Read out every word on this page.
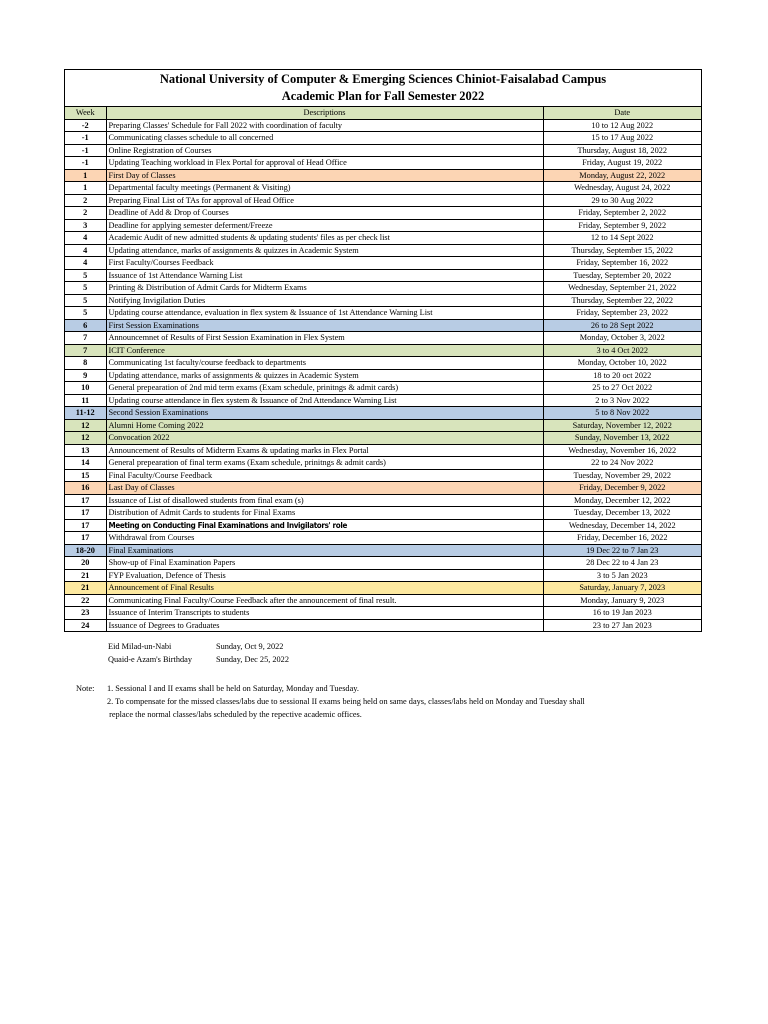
National University of Computer & Emerging Sciences Chiniot-Faisalabad Campus
Academic Plan for Fall Semester 2022
Week	Descriptions	Date
-2	Preparing Classes' Schedule for Fall 2022 with coordination of faculty	10 to 12 Aug 2022
-1	Communicating classes schedule to all concerned	15 to 17 Aug 2022
-1	Online Registration of Courses	Thursday, August 18, 2022
-1	Updating Teaching workload in Flex Portal for approval of Head Office	Friday, August 19, 2022
1	First Day of Classes	Monday, August 22, 2022
1	Departmental faculty meetings (Permanent & Visiting)	Wednesday, August 24, 2022
2	Preparing Final List of TAs for approval of Head Office	29 to 30 Aug 2022
2	Deadline of Add & Drop of Courses	Friday, September 2, 2022
3	Deadline for applying semester deferment/Freeze	Friday, September 9, 2022
4	Academic Audit of new admitted students & updating students' files as per check list	12 to 14 Sept 2022
4	Updating attendance, marks of assignments & quizzes in Academic System	Thursday, September 15, 2022
4	First Faculty/Courses Feedback	Friday, September 16, 2022
5	Issuance of 1st Attendance Warning List	Tuesday, September 20, 2022
5	Printing & Distribution of Admit Cards for Midterm Exams	Wednesday, September 21, 2022
5	Notifying Invigilation Duties	Thursday, September 22, 2022
5	Updating course attendance, evaluation in flex system & Issuance of 1st Attendance Warning List	Friday, September 23, 2022
6	First Session Examinations	26 to 28 Sept 2022
7	Announcemnet of Results of First Session Examination in Flex System	Monday, October 3, 2022
7	ICIT Conference	3 to 4 Oct 2022
8	Communicating 1st faculty/course feedback to departments	Monday, October 10, 2022
9	Updating attendance, marks of assignments & quizzes in Academic System	18 to 20 oct 2022
10	General prepearation of 2nd mid term exams (Exam schedule, prinitngs & admit cards)	25 to 27 Oct 2022
11	Updating course attendance in flex system & Issuance of 2nd Attendance Warning List	2 to 3 Nov 2022
11-12	Second Session Examinations	5 to 8 Nov 2022
12	Alumni Home Coming 2022	Saturday, November 12, 2022
12	Convocation 2022	Sunday, November 13, 2022
13	Announcement of Results of Midterm Exams & updating marks in Flex Portal	Wednesday, November 16, 2022
14	General prepearation of final term exams (Exam schedule, prinitngs & admit cards)	22 to 24 Nov 2022
15	Final Faculty/Course Feedback	Tuesday, November 29, 2022
16	Last Day of Classes	Friday, December 9, 2022
17	Issuance of List of disallowed students from final exam (s)	Monday, December 12, 2022
17	Distribution of Admit Cards to students for Final Exams	Tuesday, December 13, 2022
17	Meeting on Conducting Final Examinations and Invigilators' role	Wednesday, December 14, 2022
17	Withdrawal from Courses	Friday, December 16, 2022
18-20	Final Examinations	19 Dec 22 to 7 Jan 23
20	Show-up of Final Examination Papers	28 Dec 22 to 4 Jan 23
21	FYP Evaluation, Defence of Thesis	3 to 5 Jan 2023
21	Announcement of Final Results	Saturday, January 7, 2023
22	Communicating Final Faculty/Course Feedback after the announcement of final result.	Monday, January 9, 2023
23	Issuance of Interim Transcripts to students	16 to 19 Jan 2023
24	Issuance of Degrees to Graduates	23 to 27 Jan 2023
Eid Milad-un-Nabi	Sunday, Oct 9, 2022
Quaid-e Azam's Birthday	Sunday, Dec 25, 2022
Note:	1. Sessional I and II exams shall be held on Saturday, Monday and Tuesday.
2. To compensate for the missed classes/labs due to sessional II exams being held on same days, classes/labs held on Monday and Tuesday shall
replace the normal classes/labs scheduled by the repective academic offices.
